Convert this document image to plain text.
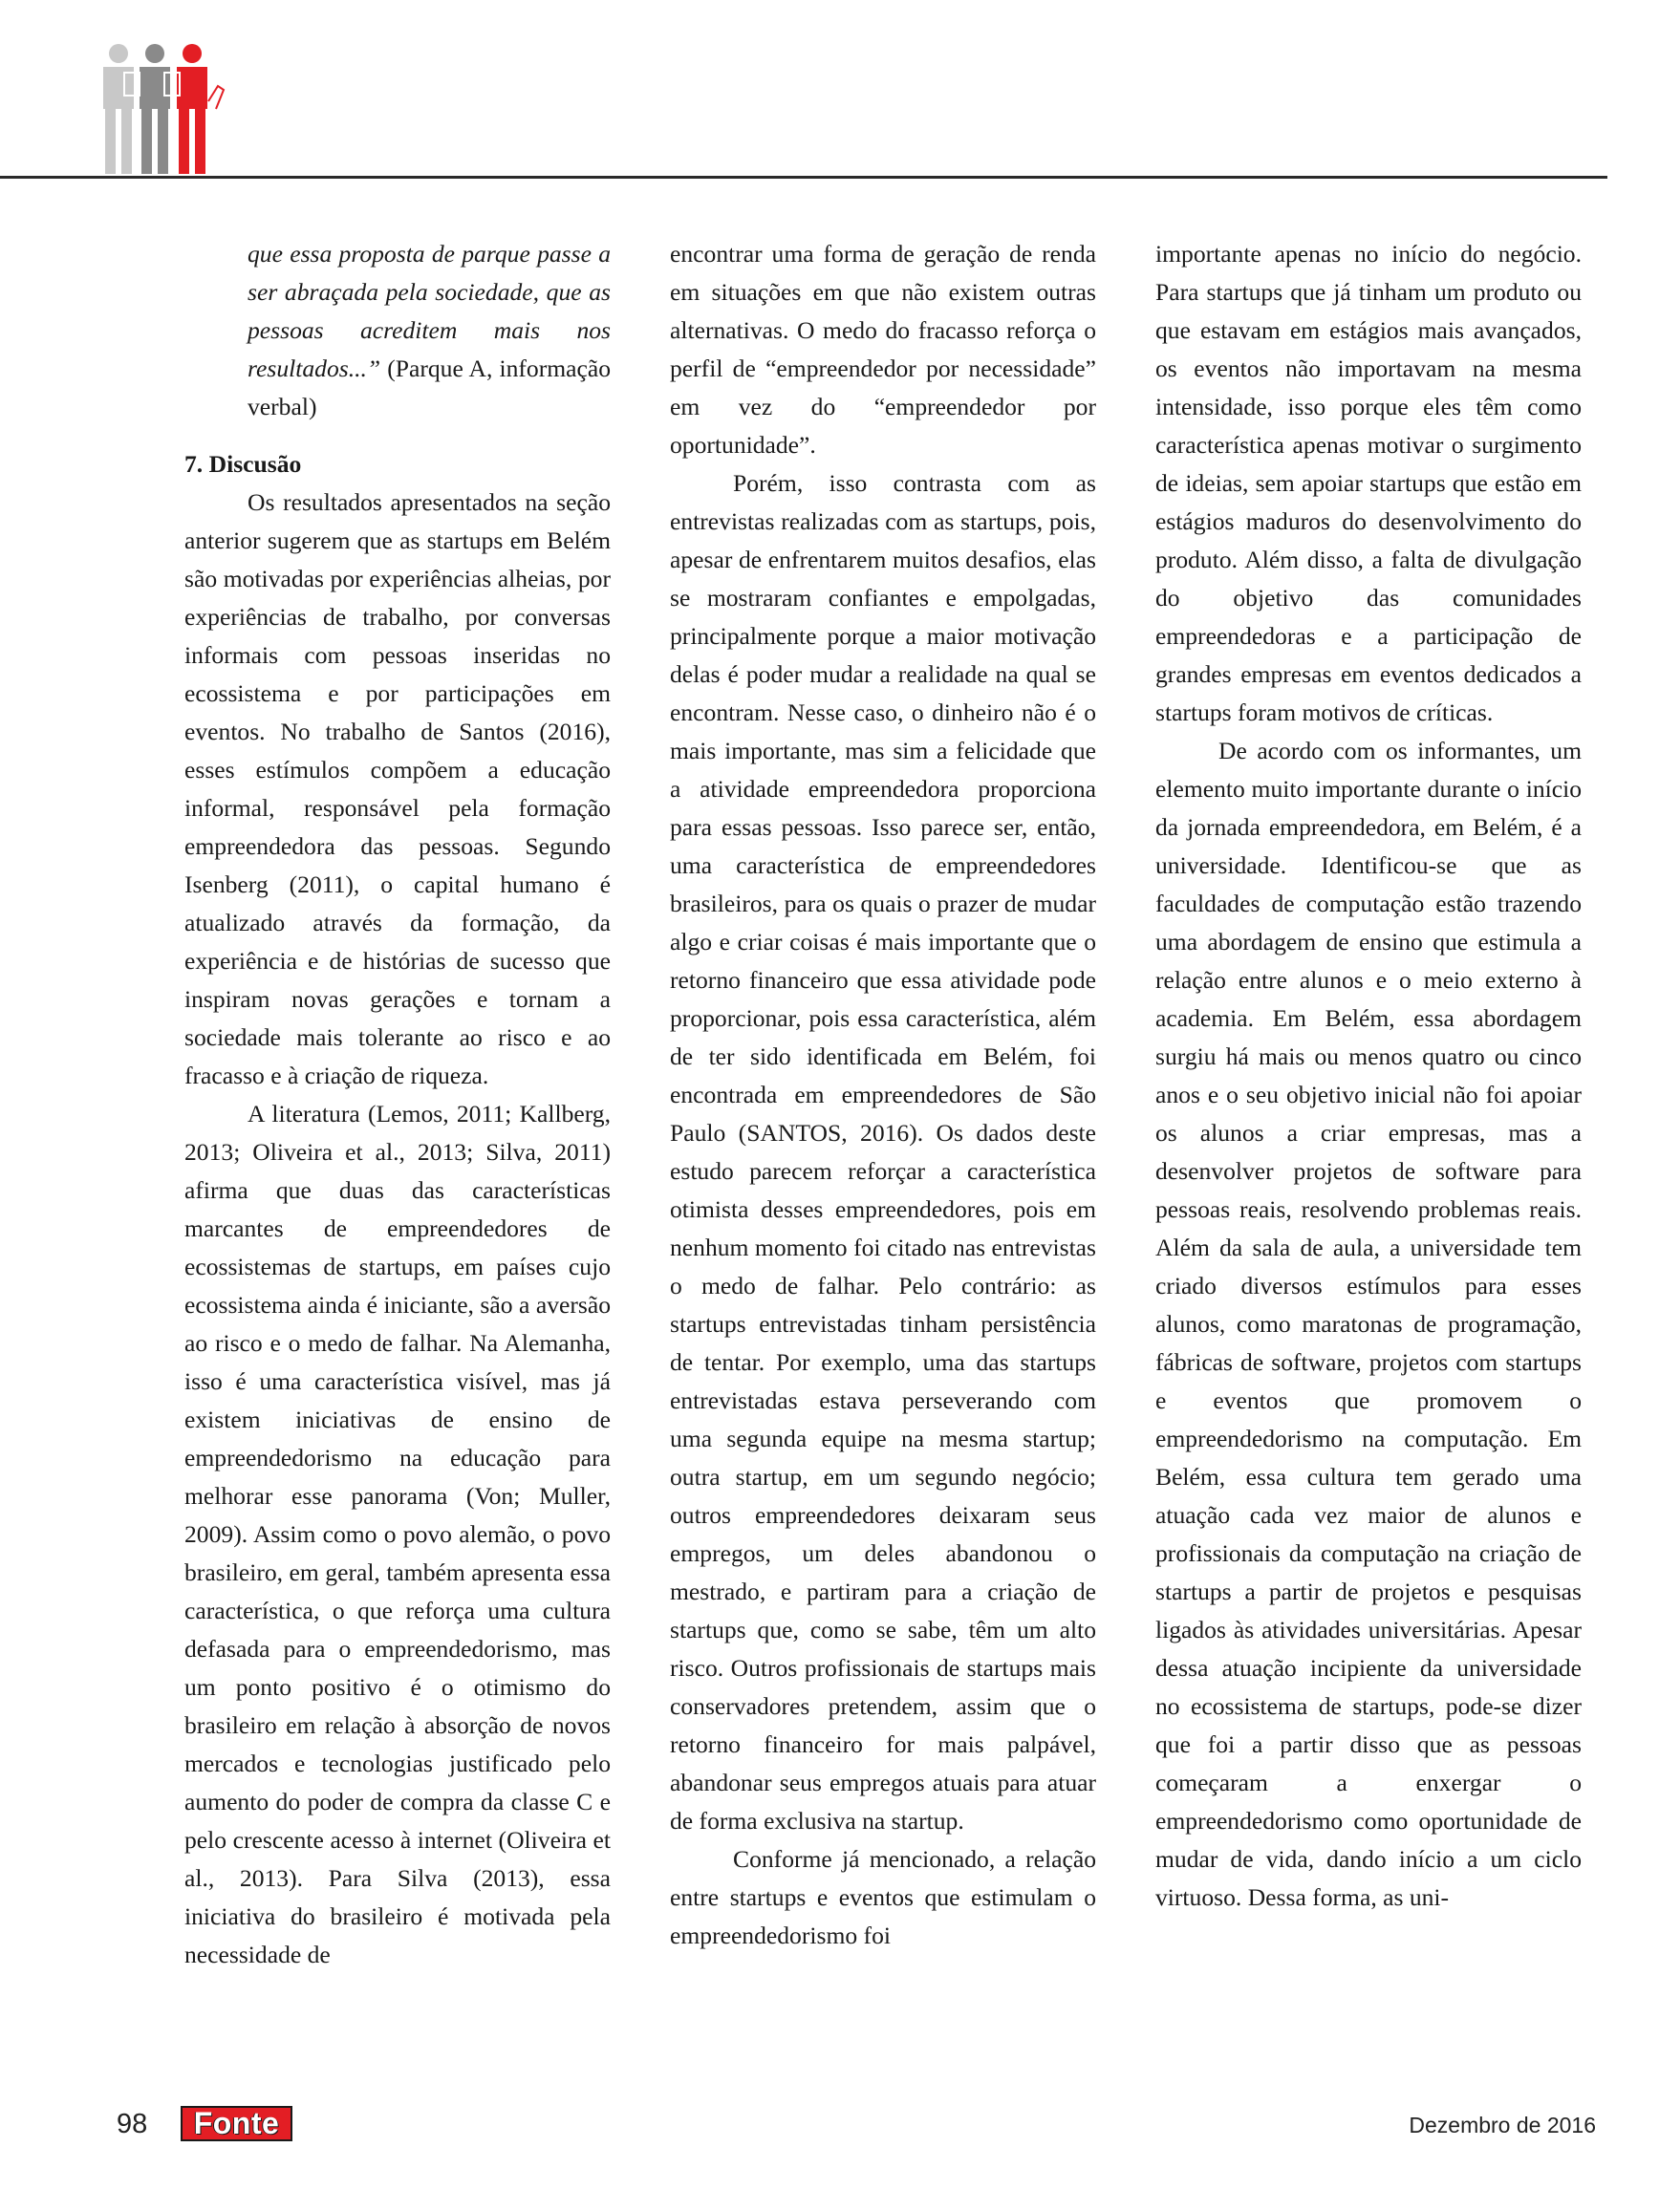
que essa proposta de parque passe a ser abraçada pela sociedade, que as pessoas acreditem mais nos resultados...” (Parque A, informação verbal)

7. Discusão

Os resultados apresentados na seção anterior sugerem que as startups em Belém são motivadas por experiências alheias, por experiências de trabalho, por conversas informais com pessoas inseridas no ecossistema e por participações em eventos. No trabalho de Santos (2016), esses estímulos compõem a educação informal, responsável pela formação empreendedora das pessoas. Segundo Isenberg (2011), o capital humano é atualizado através da formação, da experiência e de histórias de sucesso que inspiram novas gerações e tornam a sociedade mais tolerante ao risco e ao fracasso e à criação de riqueza.

A literatura (Lemos, 2011; Kallberg, 2013; Oliveira et al., 2013; Silva, 2011) afirma que duas das características marcantes de empreendedores de ecossistemas de startups, em países cujo ecossistema ainda é iniciante, são a aversão ao risco e o medo de falhar. Na Alemanha, isso é uma característica visível, mas já existem iniciativas de ensino de empreendedorismo na educação para melhorar esse panorama (Von; Muller, 2009). Assim como o povo alemão, o povo brasileiro, em geral, também apresenta essa característica, o que reforça uma cultura defasada para o empreendedorismo, mas um ponto positivo é o otimismo do brasileiro em relação à absorção de novos mercados e tecnologias justificado pelo aumento do poder de compra da classe C e pelo crescente acesso à internet (Oliveira et al., 2013). Para Silva (2013), essa iniciativa do brasileiro é motivada pela necessidade de

encontrar uma forma de geração de renda em situações em que não existem outras alternativas. O medo do fracasso reforça o perfil de “empreendedor por necessidade” em vez do “empreendedor por oportunidade”.

Porém, isso contrasta com as entrevistas realizadas com as startups, pois, apesar de enfrentarem muitos desafios, elas se mostraram confiantes e empolgadas, principalmente porque a maior motivação delas é poder mudar a realidade na qual se encontram. Nesse caso, o dinheiro não é o mais importante, mas sim a felicidade que a atividade empreendedora proporciona para essas pessoas. Isso parece ser, então, uma característica de empreendedores brasileiros, para os quais o prazer de mudar algo e criar coisas é mais importante que o retorno financeiro que essa atividade pode proporcionar, pois essa característica, além de ter sido identificada em Belém, foi encontrada em empreendedores de São Paulo (SANTOS, 2016). Os dados deste estudo parecem reforçar a característica otimista desses empreendedores, pois em nenhum momento foi citado nas entrevistas o medo de falhar. Pelo contrário: as startups entrevistadas tinham persistência de tentar. Por exemplo, uma das startups entrevistadas estava perseverando com uma segunda equipe na mesma startup; outra startup, em um segundo negócio; outros empreendedores deixaram seus empregos, um deles abandonou o mestrado, e partiram para a criação de startups que, como se sabe, têm um alto risco. Outros profissionais de startups mais conservadores pretendem, assim que o retorno financeiro for mais palpável, abandonar seus empregos atuais para atuar de forma exclusiva na startup.

Conforme já mencionado, a relação entre startups e eventos que estimulam o empreendedorismo foi

importante apenas no início do negócio. Para startups que já tinham um produto ou que estavam em estágios mais avançados, os eventos não importavam na mesma intensidade, isso porque eles têm como característica apenas motivar o surgimento de ideias, sem apoiar startups que estão em estágios maduros do desenvolvimento do produto. Além disso, a falta de divulgação do objetivo das comunidades empreendedoras e a participação de grandes empresas em eventos dedicados a startups foram motivos de críticas.

De acordo com os informantes, um elemento muito importante durante o início da jornada empreendedora, em Belém, é a universidade. Identificou-se que as faculdades de computação estão trazendo uma abordagem de ensino que estimula a relação entre alunos e o meio externo à academia. Em Belém, essa abordagem surgiu há mais ou menos quatro ou cinco anos e o seu objetivo inicial não foi apoiar os alunos a criar empresas, mas a desenvolver projetos de software para pessoas reais, resolvendo problemas reais. Além da sala de aula, a universidade tem criado diversos estímulos para esses alunos, como maratonas de programação, fábricas de software, projetos com startups e eventos que promovem o empreendedorismo na computação. Em Belém, essa cultura tem gerado uma atuação cada vez maior de alunos e profissionais da computação na criação de startups a partir de projetos e pesquisas ligados às atividades universitárias. Apesar dessa atuação incipiente da universidade no ecossistema de startups, pode-se dizer que foi a partir disso que as pessoas começaram a enxergar o empreendedorismo como oportunidade de mudar de vida, dando início a um ciclo virtuoso. Dessa forma, as uni-

98	Fonte	Dezembro de 2016
